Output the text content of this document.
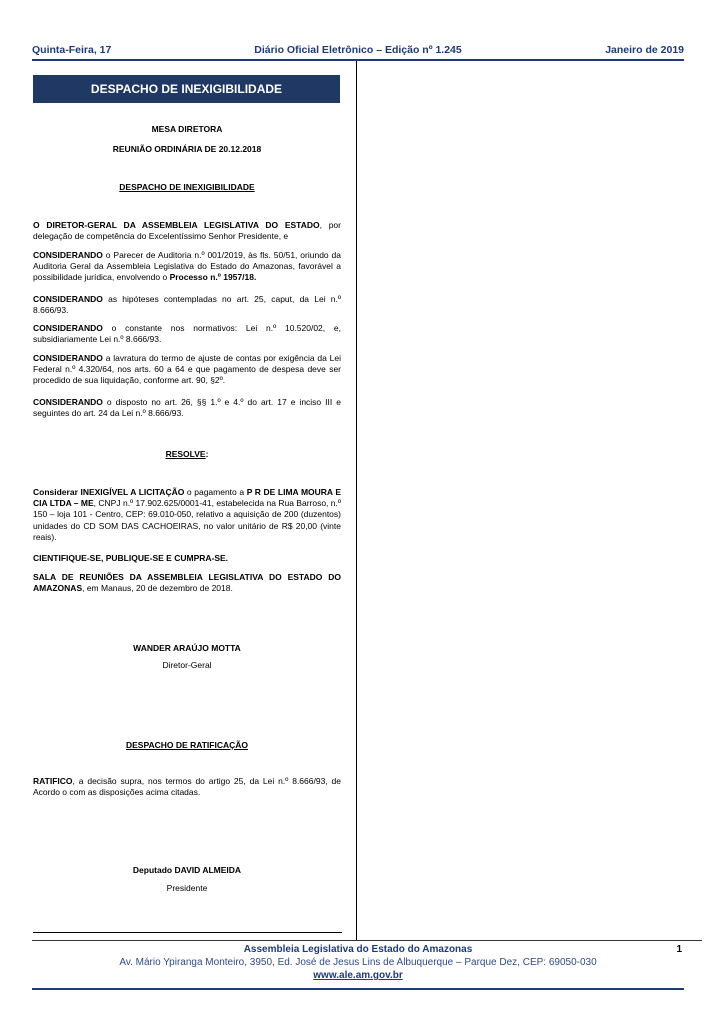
Quinta-Feira, 17	Diário Oficial Eletrônico – Edição nº 1.245	Janeiro de 2019
DESPACHO DE INEXIGIBILIDADE
MESA DIRETORA
REUNIÃO ORDINÁRIA DE 20.12.2018
DESPACHO DE INEXIGIBILIDADE
O DIRETOR-GERAL DA ASSEMBLEIA LEGISLATIVA DO ESTADO, por delegação de competência do Excelentíssimo Senhor Presidente, e
CONSIDERANDO o Parecer de Auditoria n.º 001/2019, às fls. 50/51, oriundo da Auditoria Geral da Assembleia Legislativa do Estado do Amazonas, favorável a possibilidade jurídica, envolvendo o Processo n.º 1957/18.
CONSIDERANDO as hipóteses contempladas no art. 25, caput, da Lei n.º 8.666/93.
CONSIDERANDO o constante nos normativos: Lei n.º 10.520/02, e, subsidiariamente Lei n.º 8.666/93.
CONSIDERANDO a lavratura do termo de ajuste de contas por exigência da Lei Federal n.º 4.320/64, nos arts. 60 a 64 e que pagamento de despesa deve ser procedido de sua liquidação, conforme art. 90, §2º.
CONSIDERANDO o disposto no art. 26, §§ 1.º e 4.º do art. 17 e inciso III e seguintes do art. 24 da Lei n.º 8.666/93.
RESOLVE:
Considerar INEXIGÍVEL A LICITAÇÃO o pagamento a P R DE LIMA MOURA E CIA LTDA – ME, CNPJ n.º 17.902.625/0001-41, estabelecida na Rua Barroso, n.º 150 – loja 101 - Centro, CEP: 69.010-050, relativo a aquisição de 200 (duzentos) unidades do CD SOM DAS CACHOEIRAS, no valor unitário de R$ 20,00 (vinte reais).
CIENTIFIQUE-SE, PUBLIQUE-SE E CUMPRA-SE.
SALA DE REUNIÕES DA ASSEMBLEIA LEGISLATIVA DO ESTADO DO AMAZONAS, em Manaus, 20 de dezembro de 2018.
WANDER ARAÚJO MOTTA
Diretor-Geral
DESPACHO DE RATIFICAÇÃO
RATIFICO, a decisão supra, nos termos do artigo 25, da Lei n.º 8.666/93, de Acordo o com as disposições acima citadas.
Deputado DAVID ALMEIDA
Presidente
Assembleia Legislativa do Estado do Amazonas
Av. Mário Ypiranga Monteiro, 3950, Ed. José de Jesus Lins de Albuquerque – Parque Dez, CEP: 69050-030
www.ale.am.gov.br
1
